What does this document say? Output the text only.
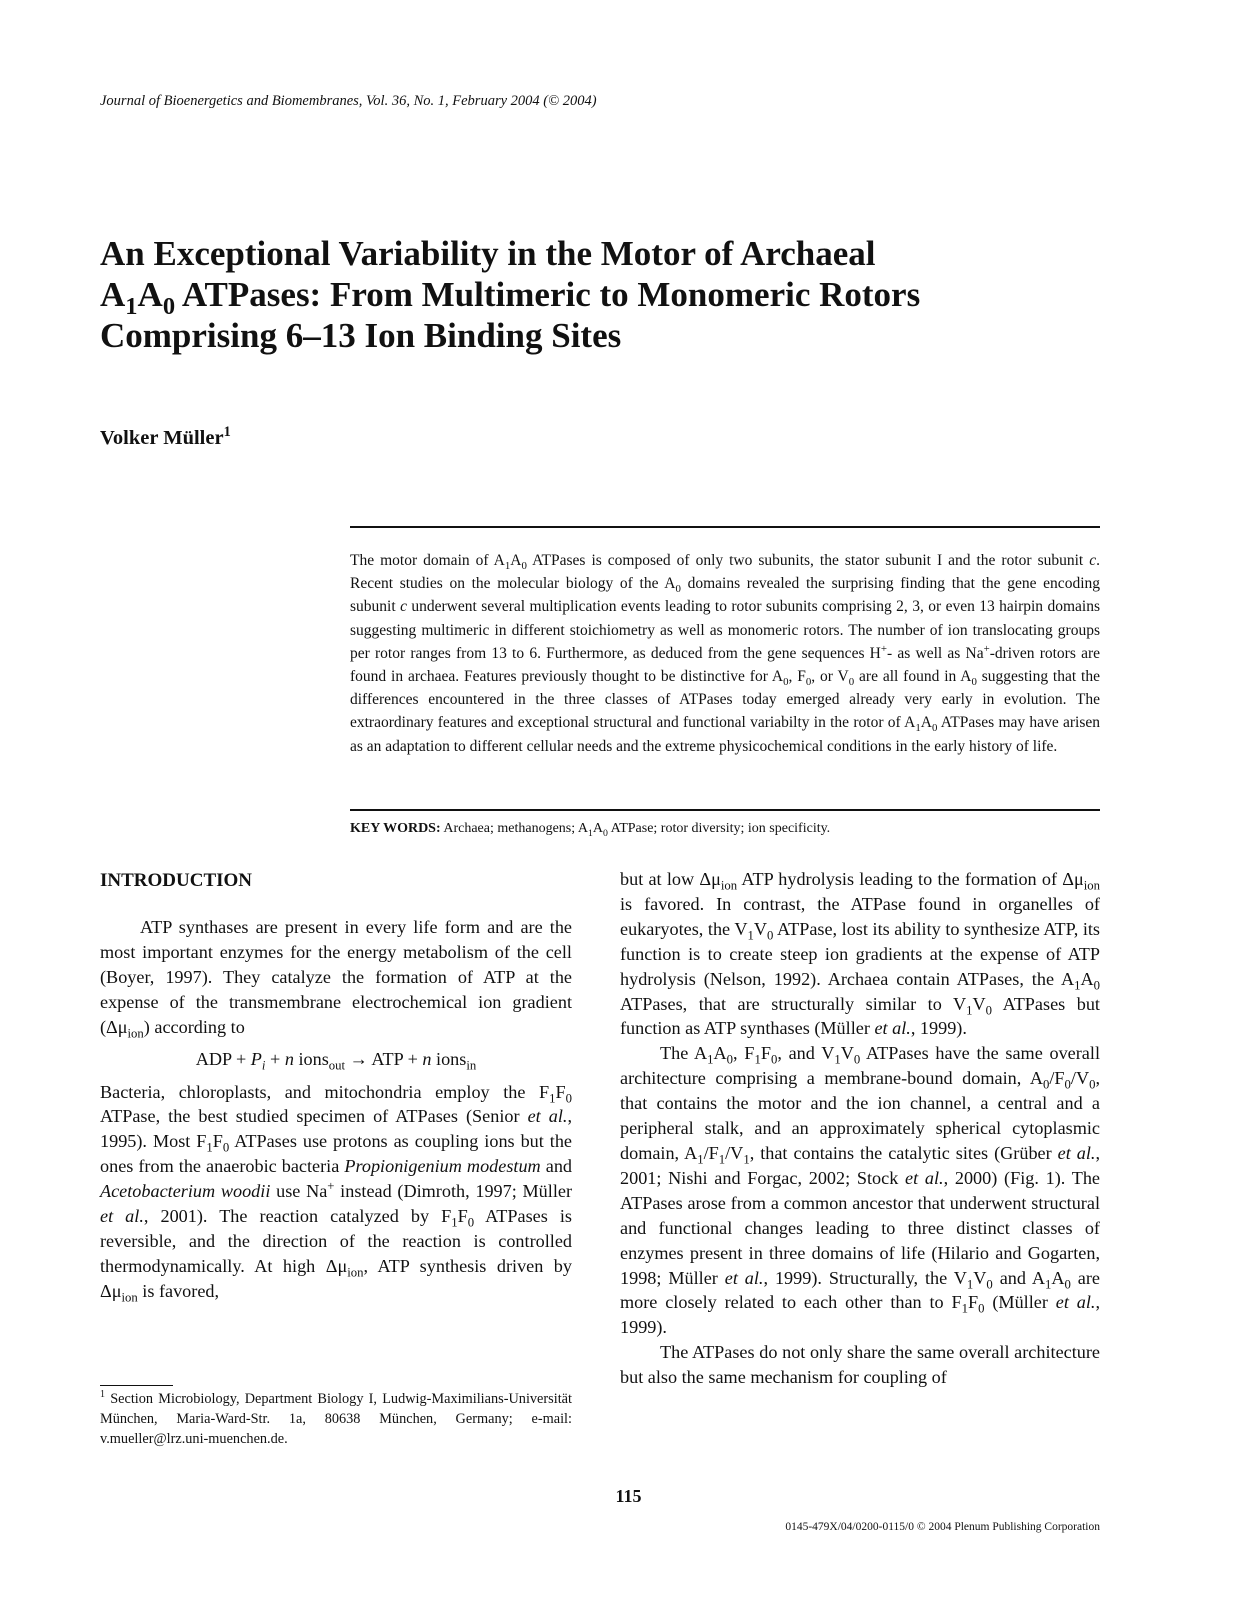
Journal of Bioenergetics and Biomembranes, Vol. 36, No. 1, February 2004 (© 2004)
An Exceptional Variability in the Motor of Archaeal
$A_1A_0$ ATPases: From Multimeric to Monomeric Rotors
Comprising 6–13 Ion Binding Sites
Volker Müller$^1$

The motor domain of $A_1A_0$ ATPases is composed of only two subunits, the stator subunit I and the rotor subunit c. Recent studies on the molecular biology of the $A_0$ domains revealed the surprising finding that the gene encoding subunit c underwent several multiplication events leading to rotor subunits comprising 2, 3, or even 13 hairpin domains suggesting multimeric in different stoichiometry as well as monomeric rotors. The number of ion translocating groups per rotor ranges from 13 to 6. Furthermore, as deduced from the gene sequences H+- as well as Na+-driven rotors are found in archaea. Features previously thought to be distinctive for $A_0$, $F_0$, or $V_0$ are all found in $A_0$ suggesting that the differences encountered in the three classes of ATPases today emerged already very early in evolution. The extraordinary features and exceptional structural and functional variabilty in the rotor of $A_1A_0$ ATPases may have arisen as an adaptation to different cellular needs and the extreme physicochemical conditions in the early history of life.

KEY WORDS: Archaea; methanogens; $A_1A_0$ ATPase; rotor diversity; ion specificity.
INTRODUCTION

ATP synthases are present in every life form and are the most important enzymes for the energy metabolism of the cell (Boyer, 1997). They catalyze the formation of ATP at the expense of the transmembrane electrochemical ion gradient $(\Delta\mu_{ion})$ according to

ADP + $P_i + n$ ions$_{out}$ → ATP + n ions$_{in}$

Bacteria, chloroplasts, and mitochondria employ the $F_1F_0$ ATPase, the best studied specimen of ATPases (Senior et al., 1995). Most $F_1F_0$ ATPases use protons as coupling ions but the ones from the anaerobic bacteria Propionigenium modestum and Acetobacterium woodii use Na+ instead (Dimroth, 1997; Müller et al., 2001). The reaction catalyzed by $F_1F_0$ ATPases is reversible, and the direction of the reaction is controlled thermodynamically. At high $\Delta\mu_{ion}$, ATP synthesis driven by $\Delta\mu_{ion}$ is favored,

but at low $\Delta\mu_{ion}$ ATP hydrolysis leading to the formation of $\Delta\mu_{ion}$ is favored. In contrast, the ATPase found in organelles of eukaryotes, the $V_1V_0$ ATPase, lost its ability to synthesize ATP, its function is to create steep ion gradients at the expense of ATP hydrolysis (Nelson, 1992). Archaea contain ATPases, the $A_1A_0$ ATPases, that are structurally similar to $V_1V_0$ ATPases but function as ATP synthases (Müller et al., 1999).

The $A_1A_0$, $F_1F_0$, and $V_1V_0$ ATPases have the same overall architecture comprising a membrane-bound domain, $A_0/F_0/V_0$, that contains the motor and the ion channel, a central and a peripheral stalk, and an approximately spherical cytoplasmic domain, $A_1/F_1/V_1$, that contains the catalytic sites (Grüber et al., 2001; Nishi and Forgac, 2002; Stock et al., 2000) (Fig. 1). The ATPases arose from a common ancestor that underwent structural and functional changes leading to three distinct classes of enzymes present in three domains of life (Hilario and Gogarten, 1998; Müller et al., 1999). Structurally, the $V_1V_0$ and $A_1A_0$ are more closely related to each other than to $F_1F_0$ (Müller et al., 1999).

The ATPases do not only share the same overall architecture but also the same mechanism for coupling of

$^1$ Section Microbiology, Department Biology I, Ludwig-Maximilians-Universität München, Maria-Ward-Str. 1a, 80638 München, Germany; e-mail: v.mueller@lrz.uni-muenchen.de.

115
0145-479X/04/0200-0115/0 © 2004 Plenum Publishing Corporation
